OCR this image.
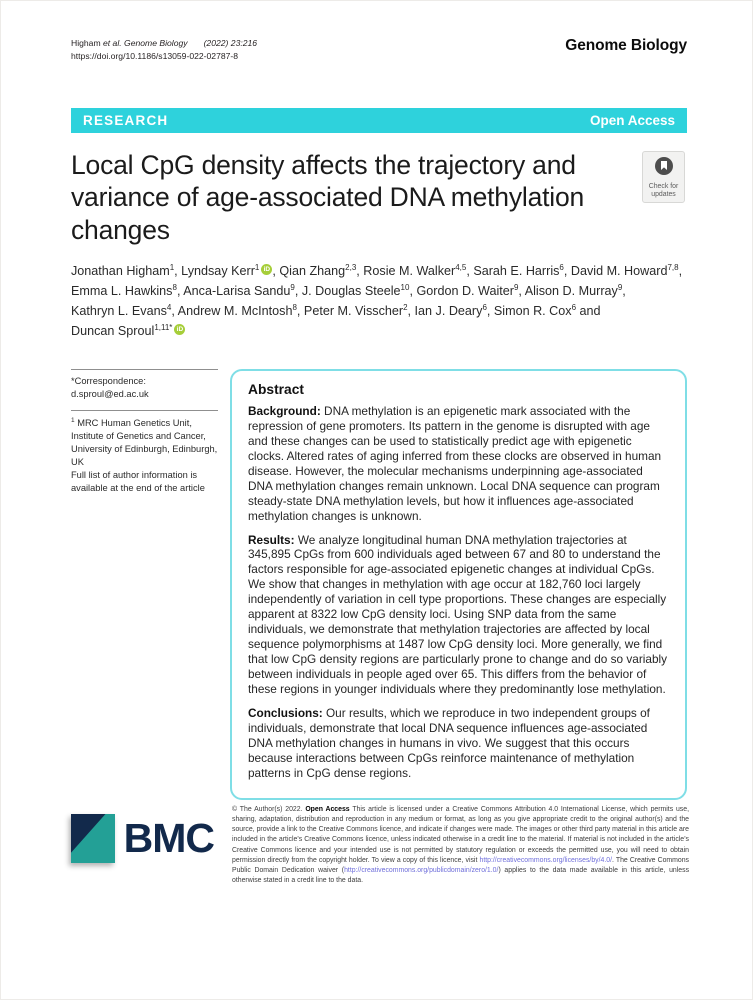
Higham et al. Genome Biology (2022) 23:216
https://doi.org/10.1186/s13059-022-02787-8
Genome Biology
RESEARCH	Open Access
Local CpG density affects the trajectory and variance of age-associated DNA methylation changes
Check for
updates
Jonathan Higham$^1$, Lyndsay Kerr$^1$ iD , Qian Zhang$^{2,3}$, Rosie M. Walker$^{4,5}$, Sarah E. Harris$^6$, David M. Howard$^{7,8}$,
Emma L. Hawkins$^8$, Anca-Larisa Sandu$^9$, J. Douglas Steele$^{10}$, Gordon D. Waiter$^9$, Alison D. Murray$^9$,
Kathryn L. Evans$^4$, Andrew M. McIntosh$^8$, Peter M. Visscher$^2$, Ian J. Deary$^6$, Simon R. Cox$^6$ and
Duncan Sproul$^{1,11*}$ iD

*Correspondence:
d.sproul@ed.ac.uk

$^1$ MRC Human Genetics Unit, Institute of Genetics and Cancer, University of Edinburgh, Edinburgh, UK

Full list of author information is available at the end of the article

Abstract

Background: DNA methylation is an epigenetic mark associated with the repression of gene promoters. Its pattern in the genome is disrupted with age and these changes can be used to statistically predict age with epigenetic clocks. Altered rates of aging inferred from these clocks are observed in human disease. However, the molecular mechanisms underpinning age-associated DNA methylation changes remain unknown. Local DNA sequence can program steady-state DNA methylation levels, but how it influences age-associated methylation changes is unknown.

Results: We analyze longitudinal human DNA methylation trajectories at 345,895 CpGs from 600 individuals aged between 67 and 80 to understand the factors responsible for age-associated epigenetic changes at individual CpGs. We show that changes in methylation with age occur at 182,760 loci largely independently of variation in cell type proportions. These changes are especially apparent at 8322 low CpG density loci. Using SNP data from the same individuals, we demonstrate that methylation trajectories are affected by local sequence polymorphisms at 1487 low CpG density loci. More generally, we find that low CpG density regions are particularly prone to change and do so variably between individuals in people aged over 65. This differs from the behavior of these regions in younger individuals where they predominantly lose methylation.

Conclusions: Our results, which we reproduce in two independent groups of individuals, demonstrate that local DNA sequence influences age-associated DNA methylation changes in humans in vivo. We suggest that this occurs because interactions between CpGs reinforce maintenance of methylation patterns in CpG dense regions.

BMC
© The Author(s) 2022. Open Access This article is licensed under a Creative Commons Attribution 4.0 International License, which permits use, sharing, adaptation, distribution and reproduction in any medium or format, as long as you give appropriate credit to the original author(s) and the source, provide a link to the Creative Commons licence, and indicate if changes were made. The images or other third party material in this article are included in the article’s Creative Commons licence, unless indicated otherwise in a credit line to the material. If material is not included in the article’s Creative Commons licence and your intended use is not permitted by statutory regulation or exceeds the permitted use, you will need to obtain permission directly from the copyright holder. To view a copy of this licence, visit http://creativecommons.org/licenses/by/4.0/. The Creative Commons Public Domain Dedication waiver (http://creativecommons.org/publicdomain/zero/1.0/) applies to the data made available in this article, unless otherwise stated in a credit line to the data.
